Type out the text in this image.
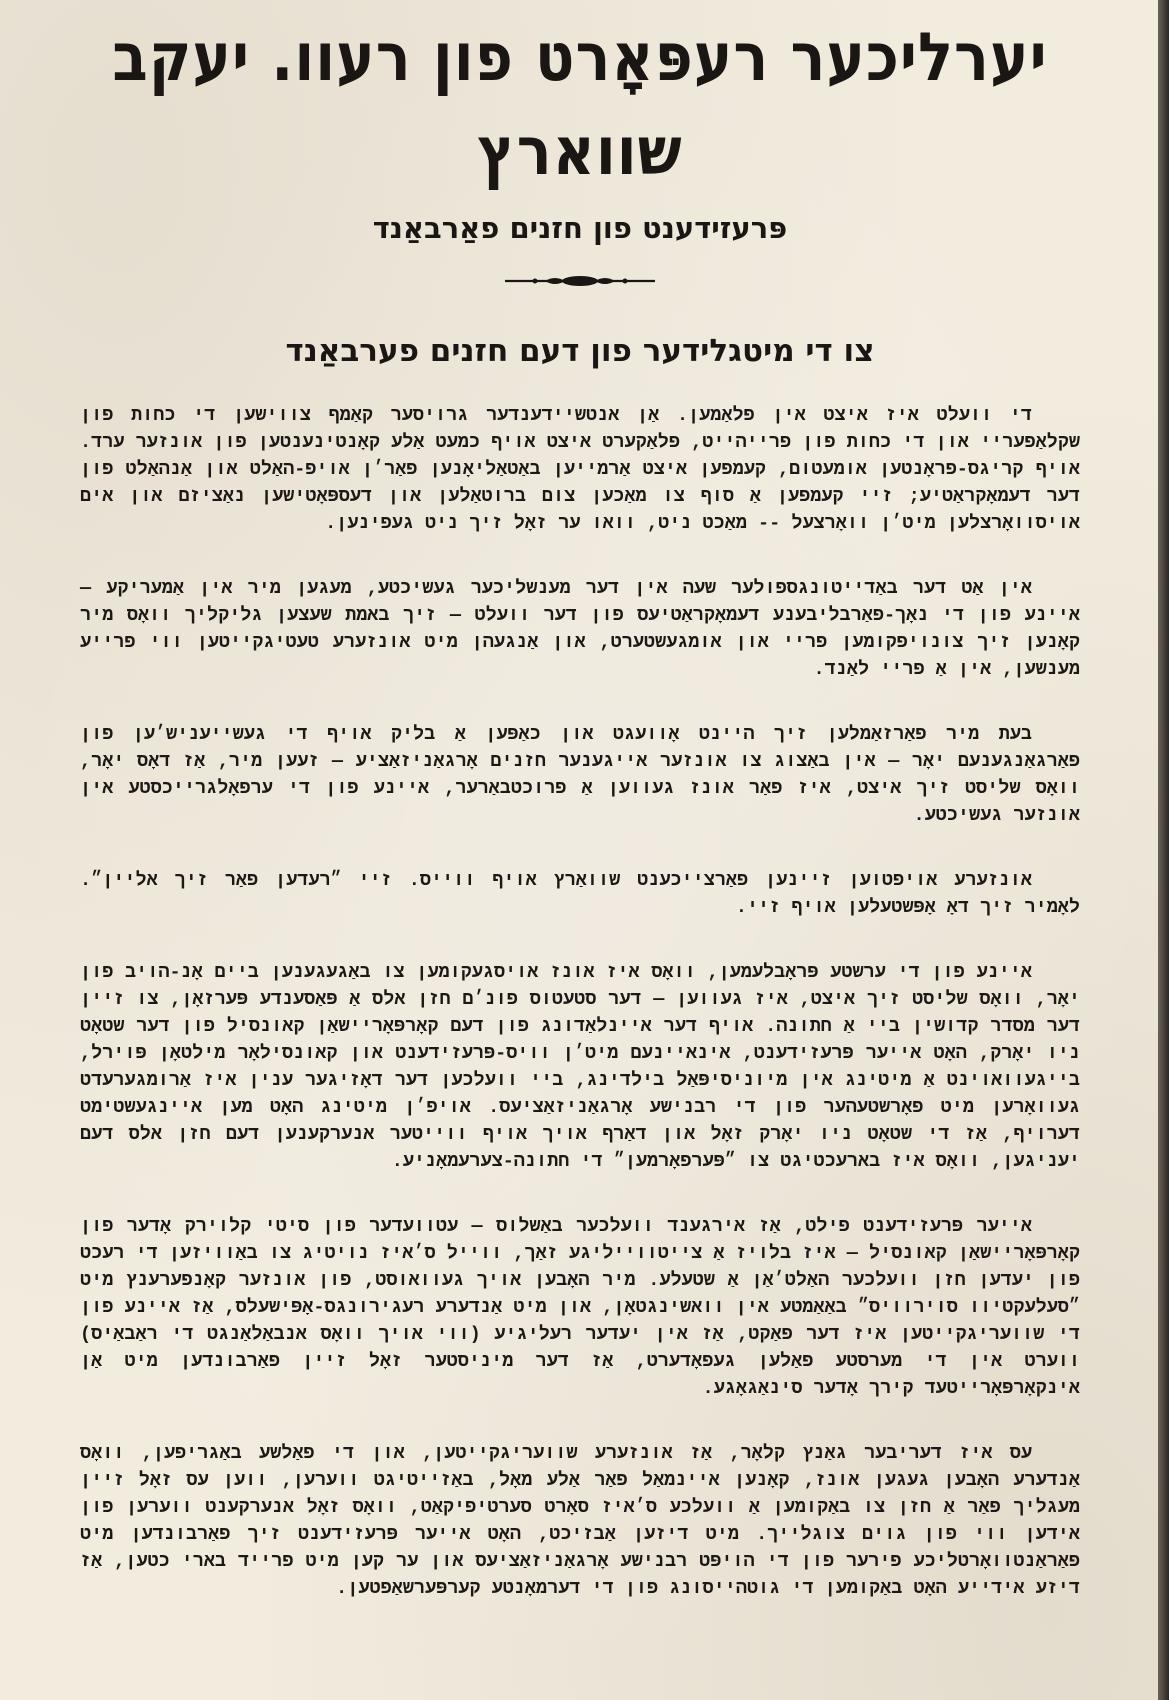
יערליכער רעפּאָרט פון רעוו. יעקב שווארץ
פּרעזידענט פון חזנים פאַרבאַנד
צו די מיטגלידער פון דעם חזנים פערבאַנד

די וועלט איז איצט אין פלאַמען. אַן אנטשיידענדער גרויסער קאַמף צווישען די כחות פון שקלאַפעריי און די כחות פון פרייהייט, פלאַקערט איצט אויף כמעט אַלע קאָנטינענטען פון אונזער ערד. אויף קריגס-פראָנטען אומעטום, קעמפען איצט אַרמייען באַטאַליאָנען פאַר׳ן אויפ-האַלט און אַנהאַלט פון דער דעמאָקראַטיע; זיי קעמפען אַ סוף צו מאַכען צום ברוטאַלען און דעספּאָטישען נאַציזם און אים אויסוואָרצלען מיט׳ן וואָרצעל -- מאַכט ניט, וואו ער זאָל זיך ניט געפינען.

אין אַט דער באַדייטונגספולער שעה אין דער מענשליכער געשיכטע, מעגען מיר אין אַמעריקע — איינע פון די נאָך-פאַרבליבענע דעמאָקראַטיעס פון דער וועלט — זיך באמת שעצען גליקליך וואָס מיר קאָנען זיך צונויפקומען פריי און אומגעשטערט, און אַנגעהן מיט אונזערע טעטיגקייטען ווי פרייע מענשען, אין אַ פריי לאַנד.

בעת מיר פאַרזאַמלען זיך היינט אָוועגט און כאַפּען אַ בליק אויף די געשייעניש׳ען פון פאַרגאַנגענעם יאָר — אין באַצוג צו אונזער אייגענער חזנים אָרגאַניזאַציע — זעען מיר, אַז דאָס יאָר, וואָס שליסט זיך איצט, איז פאַר אונז געווען אַ פרוכטבאַרער, איינע פון די ערפאָלגרייכסטע אין אונזער געשיכטע.

אונזערע אויפטוען זיינען פאַרצייכענט שוואַרץ אויף ווייס. זיי ״רעדען פאַר זיך אליין״. לאָמיר זיך דאָ אָפּשטעלען אויף זיי.

איינע פון די ערשטע פּראָבלעמען, וואָס איז אונז אויסגעקומען צו באַגעגענען ביים אָנ-הויב פון יאָר, וואָס שליסט זיך איצט, איז געווען — דער סטעטוס פונ׳ם חזן אלס אַ פּאַסענדע פּערזאָן, צו זיין דער מסדר קדושין ביי אַ חתונה. אויף דער איינלאַדונג פון דעם קאָרפּאָריישאַן קאונסיל פון דער שטאָט ניו יאָרק, האָט אייער פּרעזידענט, אינאיינעם מיט׳ן וויס-פּרעזידענט און קאונסילאָר מילטאָן פּוירל, בייגעוואוינט אַ מיטינג אין מיוניסיפּאַל בילדינג, ביי וועלכען דער דאָזיגער ענין איז אַרומגערעדט געוואָרען מיט פאָרשטעהער פון די רבנישע אָרגאַניזאַציעס. אויפ׳ן מיטינג האָט מען איינגעשטימט דערויף, אַז די שטאָט ניו יאָרק זאָל און דאַרף אויך אויף ווייטער אנערקענען דעם חזן אלס דעם יעניגען, וואָס איז בארעכטיגט צו ״פּערפאָרמען״ די חתונה-צערעמאָניע.

אייער פּרעזידענט פילט, אַז אירגענד וועלכער באַשלוס — עטוועדער פון סיטי קלוירק אָדער פון קאָרפּאָריישאַן קאונסיל — איז בלויז אַ צייטווייליגע זאַך, ווייל ס׳איז נויטיג צו באַוויזען די רעכט פון יעדען חזן וועלכער האַלט׳אַן אַ שטעלע. מיר האָבען אויך געוואוסט, פון אונזער קאָנפערענץ מיט ״סעלעקטיוו סוירוויס״ באַאַמטע אין וואשינגטאָן, און מיט אַנדערע רעגירונגס-אָפּישעלס, אַז איינע פון די שוועריגקייטען איז דער פאַקט, אַז אין יעדער רעליגיע (ווי אויך וואָס אנבאַלאַנגט די ראַבאַיס) ווערט אין די מערסטע פאַלען געפאָדערט, אַז דער מיניסטער זאָל זיין פאַרבונדען מיט אַן אינקאָרפּאָרייטעד קירך אָדער סינאַגאָגע.

עס איז דעריבער גאַנץ קלאָר, אַז אונזערע שוועריגקייטען, און די פאַלשע באַגריפען, וואָס אַנדערע האָבען געגען אונז, קאָנען איינמאַל פאַר אַלע מאָל, באַזייטיגט ווערען, ווען עס זאָל זיין מעגליך פאַר אַ חזן צו באַקומען אַ וועלכע ס׳איז סאָרט סערטיפיקאַט, וואָס זאָל אנערקענט ווערען פון אידען ווי פון גוים צוגלייך. מיט דיזען אַבזיכט, האָט אייער פּרעזידענט זיך פאַרבונדען מיט פאַראַנטוואָרטליכע פירער פון די הויפּט רבנישע אָרגאַניזאַציעס און ער קען מיט פרייד בארי כטען, אַז דיזע אידייע האָט באַקומען די גוטהייסונג פון די דערמאָנטע קערפּערשאַפטען.
